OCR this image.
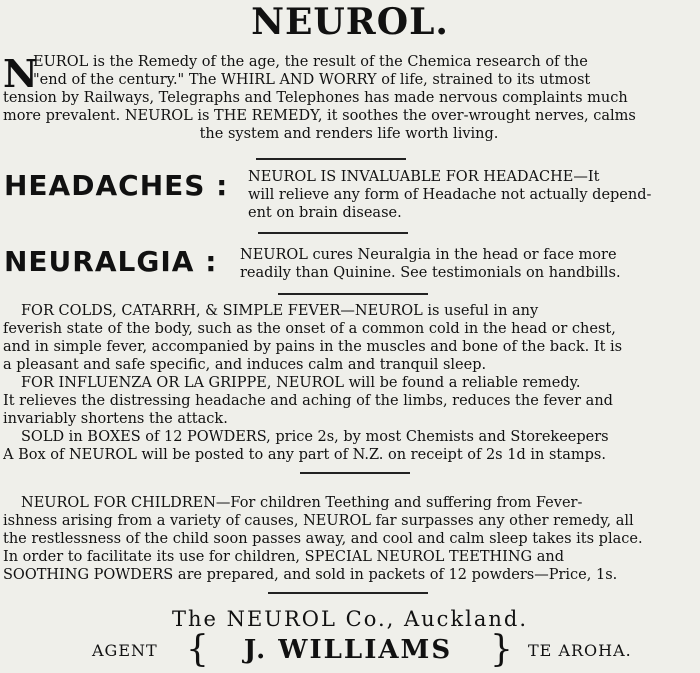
NEUROL.
N
EUROL is the Remedy of the age, the result of the Chemica research of the
"end of the century." The WHIRL AND WORRY of life, strained to its utmost
tension by Railways, Telegraphs and Telephones has made nervous complaints much
more prevalent. NEUROL is THE REMEDY, it soothes the over-wrought nerves, calms
the system and renders life worth living.
HEADACHES : NEUROL IS INVALUABLE FOR HEADACHE—It
will relieve any form of Headache not actually depend-
ent on brain disease.
NEURALGIA : NEUROL cures Neuralgia in the head or face more
readily than Quinine. See testimonials on handbills.
FOR COLDS, CATARRH, & SIMPLE FEVER—NEUROL is useful in any
feverish state of the body, such as the onset of a common cold in the head or chest,
and in simple fever, accompanied by pains in the muscles and bone of the back. It is
a pleasant and safe specific, and induces calm and tranquil sleep.
FOR INFLUENZA OR LA GRIPPE, NEUROL will be found a reliable remedy.
It relieves the distressing headache and aching of the limbs, reduces the fever and
invariably shortens the attack.
SOLD in BOXES of 12 POWDERS, price 2s, by most Chemists and Storekeepers
A Box of NEUROL will be posted to any part of N.Z. on receipt of 2s 1d in stamps.
NEUROL FOR CHILDREN—For children Teething and suffering from Fever-
ishness arising from a variety of causes, NEUROL far surpasses any other remedy, all
the restlessness of the child soon passes away, and cool and calm sleep takes its place.
In order to facilitate its use for children, SPECIAL NEUROL TEETHING and
SOOTHING POWDERS are prepared, and sold in packets of 12 powders—Price, 1s.
The NEUROL Co., Auckland.
AGENT {	J. WILLIAMS	} TE AROHA.
